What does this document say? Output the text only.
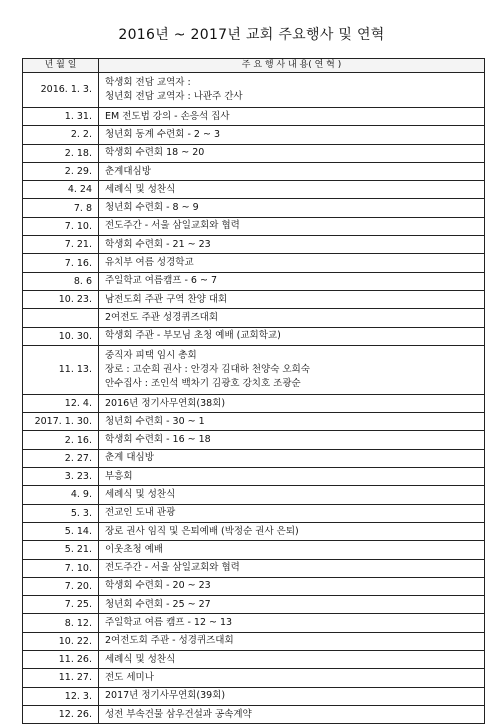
2016년 ~ 2017년 교회 주요행사 및 연혁
년 월 일	주 요 행 사 내 용( 연 혁 )
2016. 1. 3.	학생회 전담 교역자 :
청년회 전담 교역자 : 나관주 간사

1. 31.	EM 전도법 강의 - 손응석 집사

2. 2.	청년회 동계 수련회 - 2 ~ 3

2. 18.	학생회 수련회 18 ~ 20

2. 29.	춘계대심방

4. 24	세례식 및 성찬식

7. 8	청년회 수련회 - 8 ~ 9

7. 10.	전도주간 - 서울 삼일교회와 협력

7. 21.	학생회 수련회 - 21 ~ 23

7. 16.	유치부 여름 성경학교

8. 6	주일학교 여름캠프 - 6 ~ 7

10. 23.	남전도회 주관 구역 찬양 대회

	2여전도 주관 성경퀴즈대회

10. 30.	학생회 주관 - 부모님 초청 예배 (교회학교)

11. 13.	중직자 피택 임시 총회
장로 : 고순희 권사 : 안경자 김대하 천양숙 오희숙
안수집사 : 조인석 백차기 김광호 강치호 조광순

12. 4.	2016년 정기사무연회(38회)

2017. 1. 30.	청년회 수련회 - 30 ~ 1

2. 16.	학생회 수련회 - 16 ~ 18

2. 27.	춘계 대심방

3. 23.	부흥회

4. 9.	세례식 및 성찬식

5. 3.	전교인 도내 관광

5. 14.	장로 권사 임직 및 은퇴예배 (박정순 권사 은퇴)

5. 21.	이웃초청 예배

7. 10.	전도주간 - 서울 삼일교회와 협력

7. 20.	학생회 수련회 - 20 ~ 23

7. 25.	청년회 수련회 - 25 ~ 27

8. 12.	주일학교 여름 캠프 - 12 ~ 13

10. 22.	2여전도회 주관 - 성경퀴즈대회

11. 26.	세례식 및 성찬식

11. 27.	전도 세미나

12. 3.	2017년 정기사무연회(39회)

12. 26.	성전 부속건물 삼우건설과 공속계약
